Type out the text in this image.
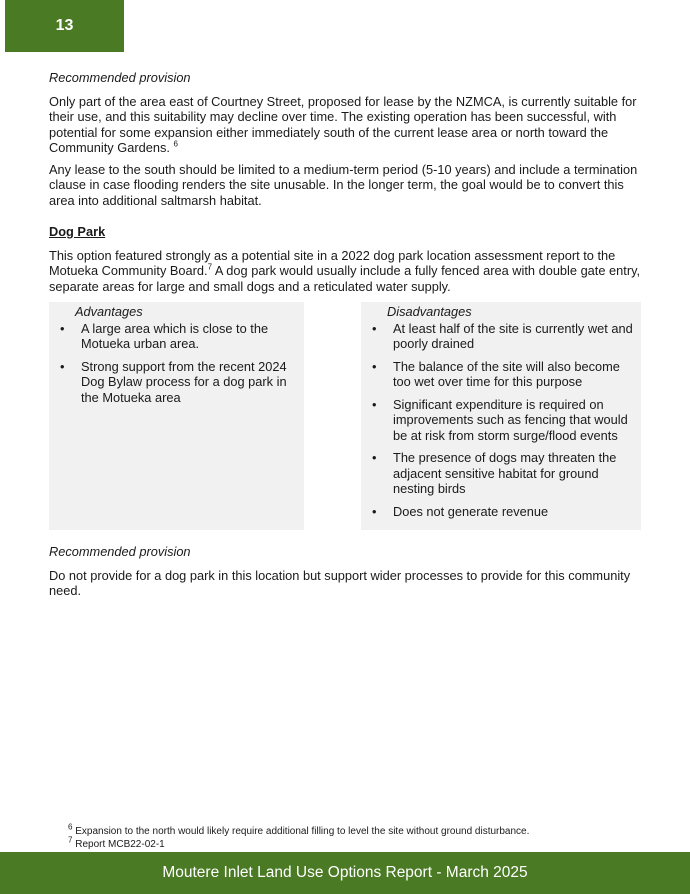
13
Recommended provision

Only part of the area east of Courtney Street, proposed for lease by the NZMCA, is currently suitable for their use, and this suitability may decline over time. The existing operation has been successful, with potential for some expansion either immediately south of the current lease area or north toward the Community Gardens. $^6$

Any lease to the south should be limited to a medium-term period (5-10 years) and include a termination clause in case flooding renders the site unusable. In the longer term, the goal would be to convert this area into additional saltmarsh habitat.

Dog Park

This option featured strongly as a potential site in a 2022 dog park location assessment report to the Motueka Community Board.$^7$ A dog park would usually include a fully fenced area with double gate entry, separate areas for large and small dogs and a reticulated water supply.

Advantages
• A large area which is close to the Motueka urban area.
• Strong support from the recent 2024 Dog Bylaw process for a dog park in the Motueka area
Disadvantages
• At least half of the site is currently wet and poorly drained
• The balance of the site will also become too wet over time for this purpose
• Significant expenditure is required on improvements such as fencing that would be at risk from storm surge/flood events
• The presence of dogs may threaten the adjacent sensitive habitat for ground nesting birds
• Does not generate revenue
Recommended provision

Do not provide for a dog park in this location but support wider processes to provide for this community need.

$^6$ Expansion to the north would likely require additional filling to level the site without ground disturbance.
$^7$ Report MCB22-02-1
Moutere Inlet Land Use Options Report - March 2025
